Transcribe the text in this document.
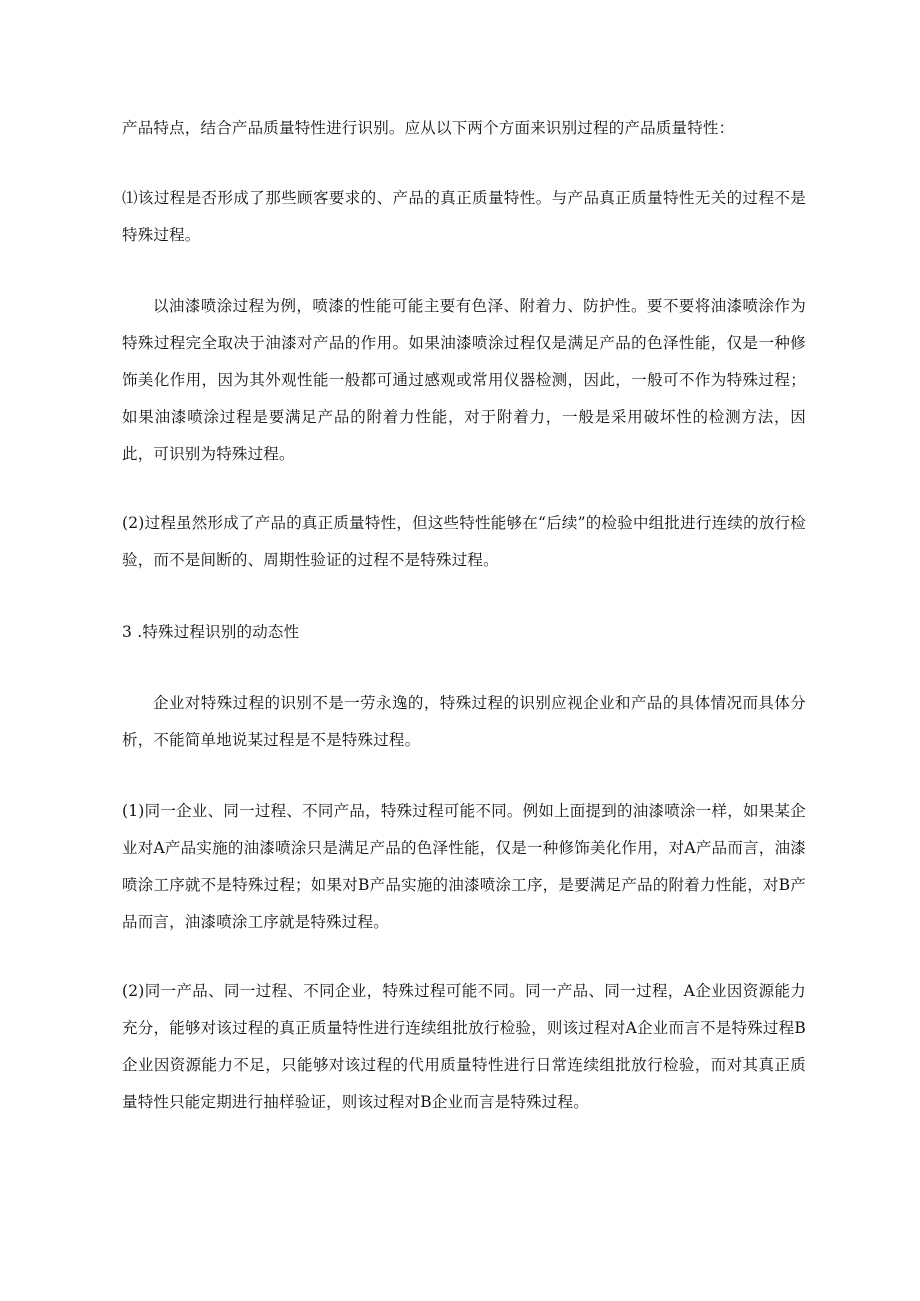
产品特点，结合产品质量特性进行识别。应从以下两个方面来识别过程的产品质量特性：

⑴该过程是否形成了那些顾客要求的、产品的真正质量特性。与产品真正质量特性无关的过程不是特殊过程。

以油漆喷涂过程为例，喷漆的性能可能主要有色泽、附着力、防护性。要不要将油漆喷涂作为特殊过程完全取决于油漆对产品的作用。如果油漆喷涂过程仅是满足产品的色泽性能，仅是一种修饰美化作用，因为其外观性能一般都可通过感观或常用仪器检测，因此，一般可不作为特殊过程；如果油漆喷涂过程是要满足产品的附着力性能，对于附着力，一般是采用破坏性的检测方法，因此，可识别为特殊过程。

(2)过程虽然形成了产品的真正质量特性，但这些特性能够在“后续”的检验中组批进行连续的放行检验，而不是间断的、周期性验证的过程不是特殊过程。

3 .特殊过程识别的动态性

企业对特殊过程的识别不是一劳永逸的，特殊过程的识别应视企业和产品的具体情况而具体分析，不能简单地说某过程是不是特殊过程。

(1)同一企业、同一过程、不同产品，特殊过程可能不同。例如上面提到的油漆喷涂一样，如果某企业对A产品实施的油漆喷涂只是满足产品的色泽性能，仅是一种修饰美化作用，对A产品而言，油漆喷涂工序就不是特殊过程；如果对B产品实施的油漆喷涂工序，是要满足产品的附着力性能，对B产品而言，油漆喷涂工序就是特殊过程。

(2)同一产品、同一过程、不同企业，特殊过程可能不同。同一产品、同一过程，A企业因资源能力充分，能够对该过程的真正质量特性进行连续组批放行检验，则该过程对A企业而言不是特殊过程B企业因资源能力不足，只能够对该过程的代用质量特性进行日常连续组批放行检验，而对其真正质量特性只能定期进行抽样验证，则该过程对B企业而言是特殊过程。
